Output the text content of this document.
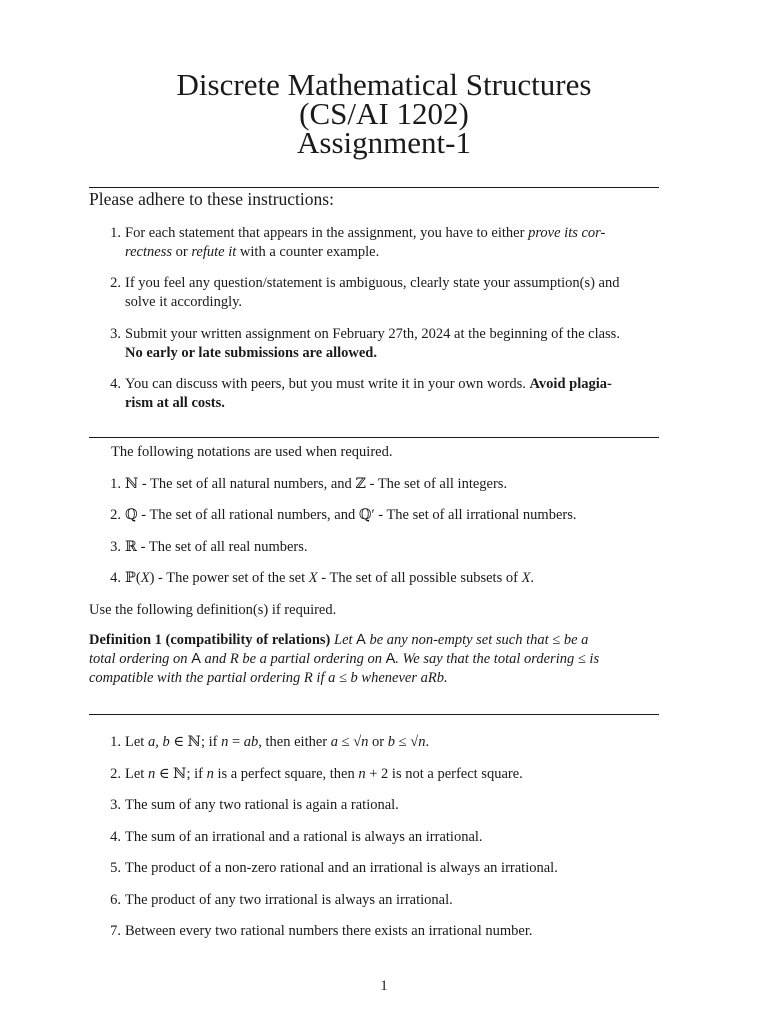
Discrete Mathematical Structures
(CS/AI 1202)
Assignment-1
Please adhere to these instructions:
1. For each statement that appears in the assignment, you have to either prove its cor-
rectness or refute it with a counter example.
2. If you feel any question/statement is ambiguous, clearly state your assumption(s) and
solve it accordingly.
3. Submit your written assignment on February 27th, 2024 at the beginning of the class.
No early or late submissions are allowed.
4. You can discuss with peers, but you must write it in your own words. Avoid plagia-
rism at all costs.
The following notations are used when required.
1. ℕ - The set of all natural numbers, and ℤ - The set of all integers.
2. ℚ - The set of all rational numbers, and ℚ′ - The set of all irrational numbers.
3. ℝ - The set of all real numbers.
4. ℙ(X) - The power set of the set X - The set of all possible subsets of X.
Use the following definition(s) if required.
Definition 1 (compatibility of relations) Let A be any non-empty set such that ≤ be a
total ordering on A and R be a partial ordering on A. We say that the total ordering ≤ is
compatible with the partial ordering R if a ≤ b whenever aRb.
1. Let a, b ∈ ℕ; if n = ab, then either a ≤ √n or b ≤ √n.
2. Let n ∈ ℕ; if n is a perfect square, then n + 2 is not a perfect square.
3. The sum of any two rational is again a rational.
4. The sum of an irrational and a rational is always an irrational.
5. The product of a non-zero rational and an irrational is always an irrational.
6. The product of any two irrational is always an irrational.
7. Between every two rational numbers there exists an irrational number.
1
